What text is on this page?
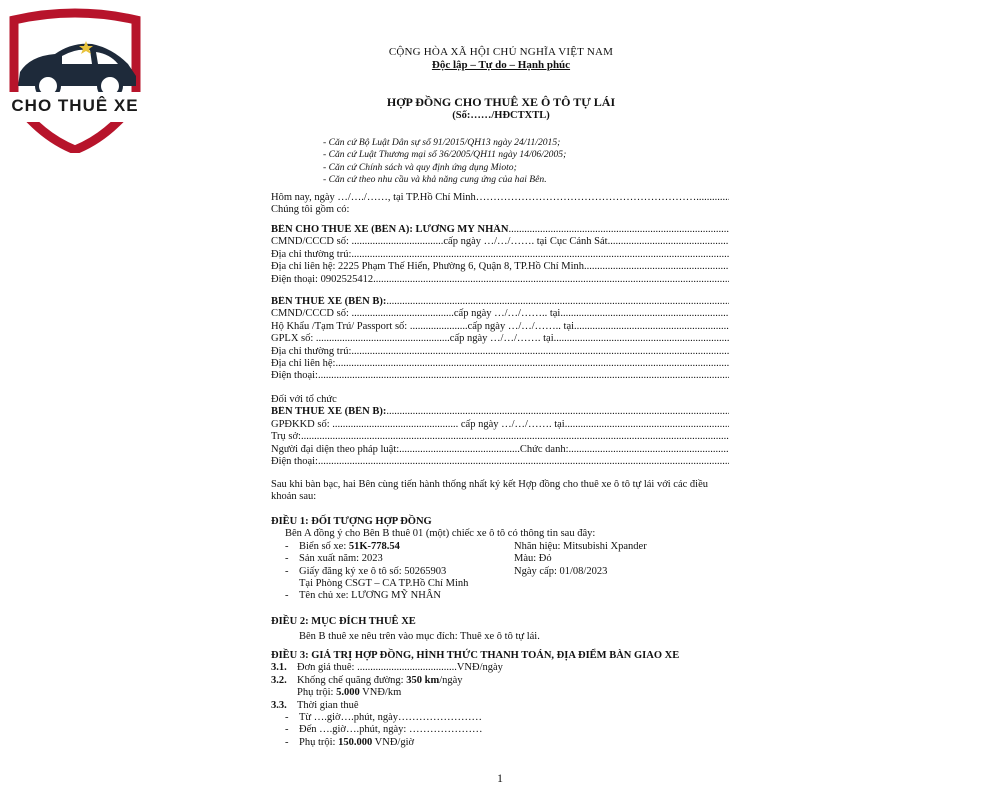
CHO THUÊ XE
CỘNG HÒA XÃ HỘI CHỦ NGHĨA VIỆT NAM
Độc lập – Tự do – Hạnh phúc
HỢP ĐỒNG CHO THUÊ XE Ô TÔ TỰ LÁI
(Số:……/HĐCTXTL)
- Căn cứ Bộ Luật Dân sự số 91/2015/QH13 ngày 24/11/2015;
- Căn cứ Luật Thương mại số 36/2005/QH11 ngày 14/06/2005;
- Căn cứ Chính sách và quy định ứng dụng Mioto;
- Căn cứ theo nhu cầu và khả năng cung ứng của hai Bên.
Hôm nay, ngày …/…./……, tại TP.Hồ Chí Minh………………………………………………………
.....
Chúng tôi gồm có:
BÊN CHO THUÊ XE (BÊN A): LƯƠNG MỸ NHÂN
.....
CMND/CCCD số: ...................................cấp ngày …/…/……. tại Cục Cảnh Sát
.....
Địa chỉ thường trú:
.....
Địa chỉ liên hệ: 2225 Phạm Thế Hiển, Phường 6, Quận 8, TP.Hồ Chí Minh
.....
Điện thoại: 0902525412
.....
BÊN THUÊ XE (BÊN B):
.....
CMND/CCCD số: .......................................cấp ngày …/…/…….. tại
.....
Hộ Khẩu /Tạm Trú/ Passport số: ......................cấp ngày …/…/…….. tại
.....
GPLX số: ...................................................cấp ngày …/…/……. tại
.....
Địa chỉ thường trú:
.....
Địa chỉ liên hệ:
.....
Điện thoại:
.....
Đối với tổ chức
BÊN THUÊ XE (BÊN B):
.....
GPĐKKD số: ................................................ cấp ngày …/…/……. tại
.....
Trụ sở:
.....
Người đại diện theo pháp luật:..............................................Chức danh:
.....
Điện thoại:
.....
Sau khi bàn bạc, hai Bên cùng tiến hành thống nhất ký kết Hợp đồng cho thuê xe ô tô tự lái với các điều khoản sau:
ĐIỀU 1: ĐỐI TƯỢNG HỢP ĐỒNG
Bên A đồng ý cho Bên B thuê 01 (một) chiếc xe ô tô có thông tin sau đây:
-	Biển số xe: 51K-778.54	Nhãn hiệu: Mitsubishi Xpander
-	Sản xuất năm: 2023	Màu: Đỏ
-	Giấy đăng ký xe ô tô số: 50265903	Ngày cấp: 01/08/2023
Tại Phòng CSGT – CA TP.Hồ Chí Minh
-	Tên chủ xe: LƯƠNG MỸ NHÂN
ĐIỀU 2: MỤC ĐÍCH THUÊ XE
Bên B thuê xe nêu trên vào mục đích: Thuê xe ô tô tự lái.
ĐIỀU 3: GIÁ TRỊ HỢP ĐỒNG, HÌNH THỨC THANH TOÁN, ĐỊA ĐIỂM BÀN GIAO XE
3.1. Đơn giá thuê: ......................................VNĐ/ngày
3.2. Khống chế quãng đường: 350 km/ngày
Phụ trội: 5.000 VNĐ/km
3.3. Thời gian thuê
-	Từ ….giờ….phút, ngày……………………
-	Đến ….giờ….phút, ngày: …………………
-	Phụ trội: 150.000 VNĐ/giờ
1
